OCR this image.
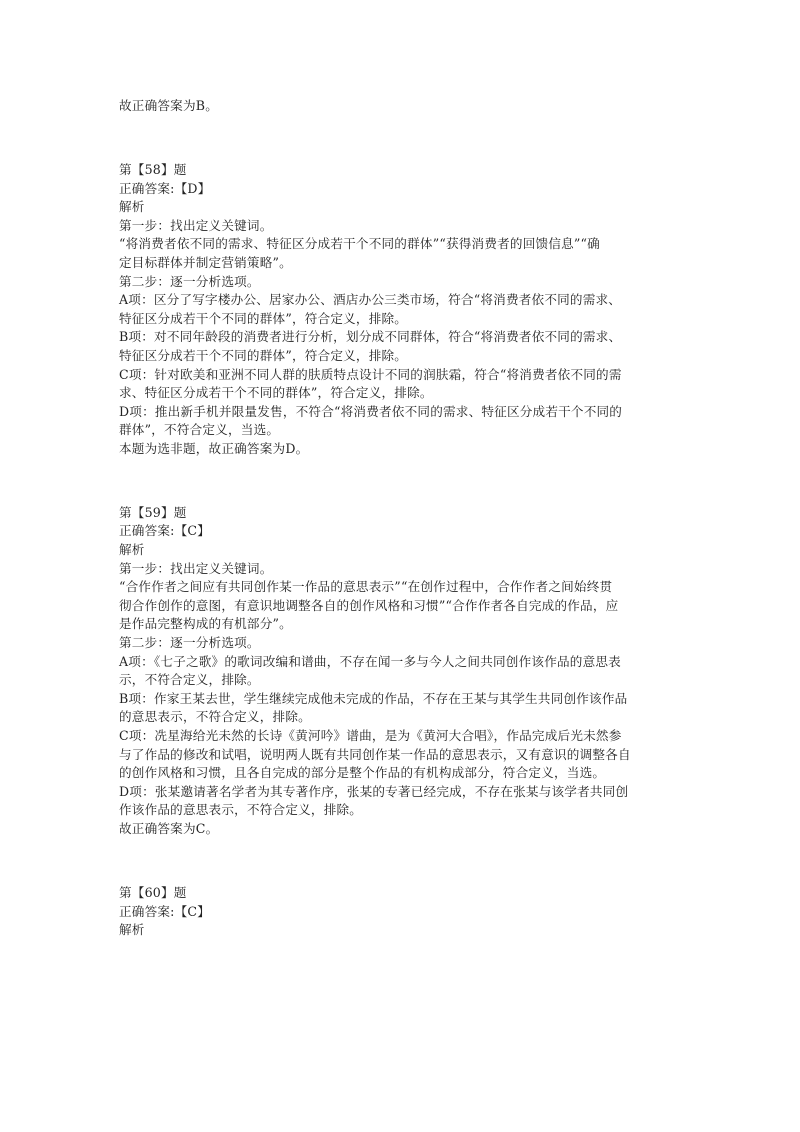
故正确答案为B。
第【58】题
正确答案:【D】
解析
第一步：找出定义关键词。
“将消费者依不同的需求、特征区分成若干个不同的群体”“获得消费者的回馈信息”“确
定目标群体并制定营销策略”。
第二步：逐一分析选项。
A项：区分了写字楼办公、居家办公、酒店办公三类市场，符合“将消费者依不同的需求、
特征区分成若干个不同的群体”，符合定义，排除。
B项：对不同年龄段的消费者进行分析，划分成不同群体，符合“将消费者依不同的需求、
特征区分成若干个不同的群体”，符合定义，排除。
C项：针对欧美和亚洲不同人群的肤质特点设计不同的润肤霜，符合“将消费者依不同的需
求、特征区分成若干个不同的群体”，符合定义，排除。
D项：推出新手机并限量发售，不符合“将消费者依不同的需求、特征区分成若干个不同的
群体”，不符合定义，当选。
本题为选非题，故正确答案为D。
第【59】题
正确答案:【C】
解析
第一步：找出定义关键词。
“合作作者之间应有共同创作某一作品的意思表示”“在创作过程中，合作作者之间始终贯
彻合作创作的意图，有意识地调整各自的创作风格和习惯”“合作作者各自完成的作品，应
是作品完整构成的有机部分”。
第二步：逐一分析选项。
A项：《七子之歌》的歌词改编和谱曲，不存在闻一多与今人之间共同创作该作品的意思表
示，不符合定义，排除。
B项：作家王某去世，学生继续完成他未完成的作品，不存在王某与其学生共同创作该作品
的意思表示，不符合定义，排除。
C项：冼星海给光未然的长诗《黄河吟》谱曲，是为《黄河大合唱》，作品完成后光未然参
与了作品的修改和试唱，说明两人既有共同创作某一作品的意思表示，又有意识的调整各自
的创作风格和习惯，且各自完成的部分是整个作品的有机构成部分，符合定义，当选。
D项：张某邀请著名学者为其专著作序，张某的专著已经完成，不存在张某与该学者共同创
作该作品的意思表示，不符合定义，排除。
故正确答案为C。
第【60】题
正确答案:【C】
解析
